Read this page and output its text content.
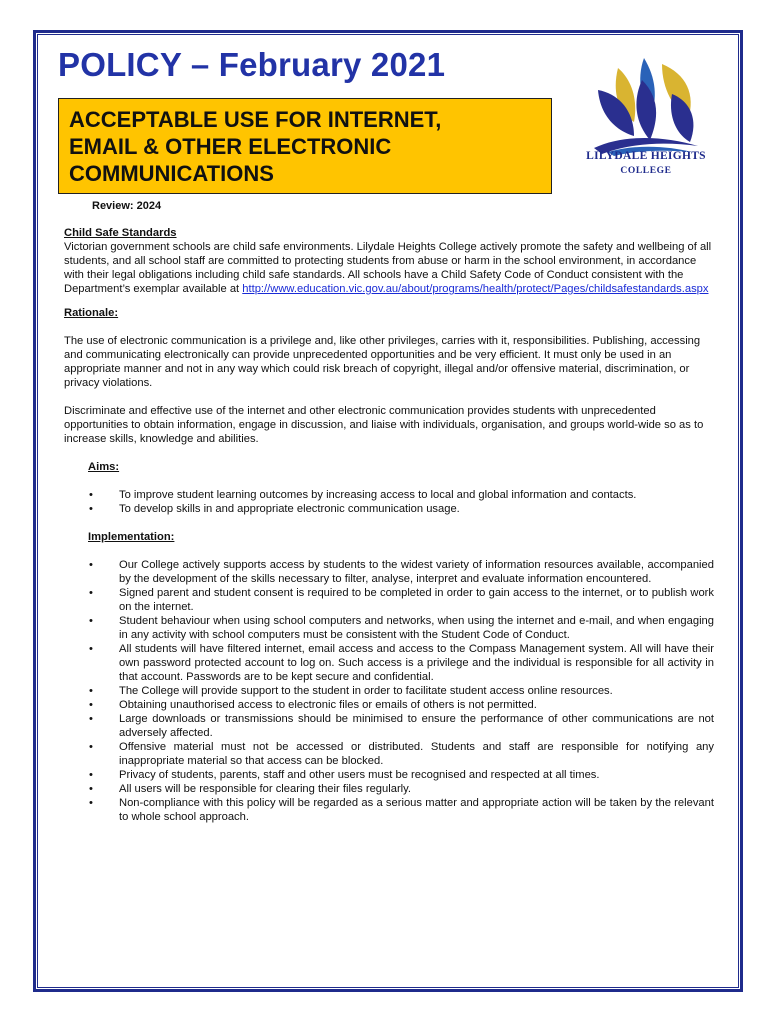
POLICY – February 2021
ACCEPTABLE USE FOR INTERNET,
EMAIL & OTHER ELECTRONIC
COMMUNICATIONS
LILYDALE HEIGHTS
COLLEGE
Review: 2024

Child Safe Standards

Victorian government schools are child safe environments. Lilydale Heights College actively promote the safety and wellbeing of all students, and all school staff are committed to protecting students from abuse or harm in the school environment, in accordance with their legal obligations including child safe standards. All schools have a Child Safety Code of Conduct consistent with the Department’s exemplar available at http://www.education.vic.gov.au/about/programs/health/protect/Pages/childsafestandards.aspx

Rationale:

The use of electronic communication is a privilege and, like other privileges, carries with it, responsibilities. Publishing, accessing and communicating electronically can provide unprecedented opportunities and be very efficient. It must only be used in an appropriate manner and not in any way which could risk breach of copyright, illegal and/or offensive material, discrimination, or privacy violations.

Discriminate and effective use of the internet and other electronic communication provides students with unprecedented opportunities to obtain information, engage in discussion, and liaise with individuals, organisation, and groups world-wide so as to increase skills, knowledge and abilities.

Aims:

• To improve student learning outcomes by increasing access to local and global information and contacts.
• To develop skills in and appropriate electronic communication usage.

Implementation:

• Our College actively supports access by students to the widest variety of information resources available, accompanied by the development of the skills necessary to filter, analyse, interpret and evaluate information encountered.
• Signed parent and student consent is required to be completed in order to gain access to the internet, or to publish work on the internet.
• Student behaviour when using school computers and networks, when using the internet and e-mail, and when engaging in any activity with school computers must be consistent with the Student Code of Conduct.
• All students will have filtered internet, email access and access to the Compass Management system. All will have their own password protected account to log on. Such access is a privilege and the individual is responsible for all activity in that account. Passwords are to be kept secure and confidential.
• The College will provide support to the student in order to facilitate student access online resources.
• Obtaining unauthorised access to electronic files or emails of others is not permitted.
• Large downloads or transmissions should be minimised to ensure the performance of other communications are not adversely affected.
• Offensive material must not be accessed or distributed. Students and staff are responsible for notifying any inappropriate material so that access can be blocked.
• Privacy of students, parents, staff and other users must be recognised and respected at all times.
• All users will be responsible for clearing their files regularly.
• Non-compliance with this policy will be regarded as a serious matter and appropriate action will be taken by the relevant to whole school approach.
